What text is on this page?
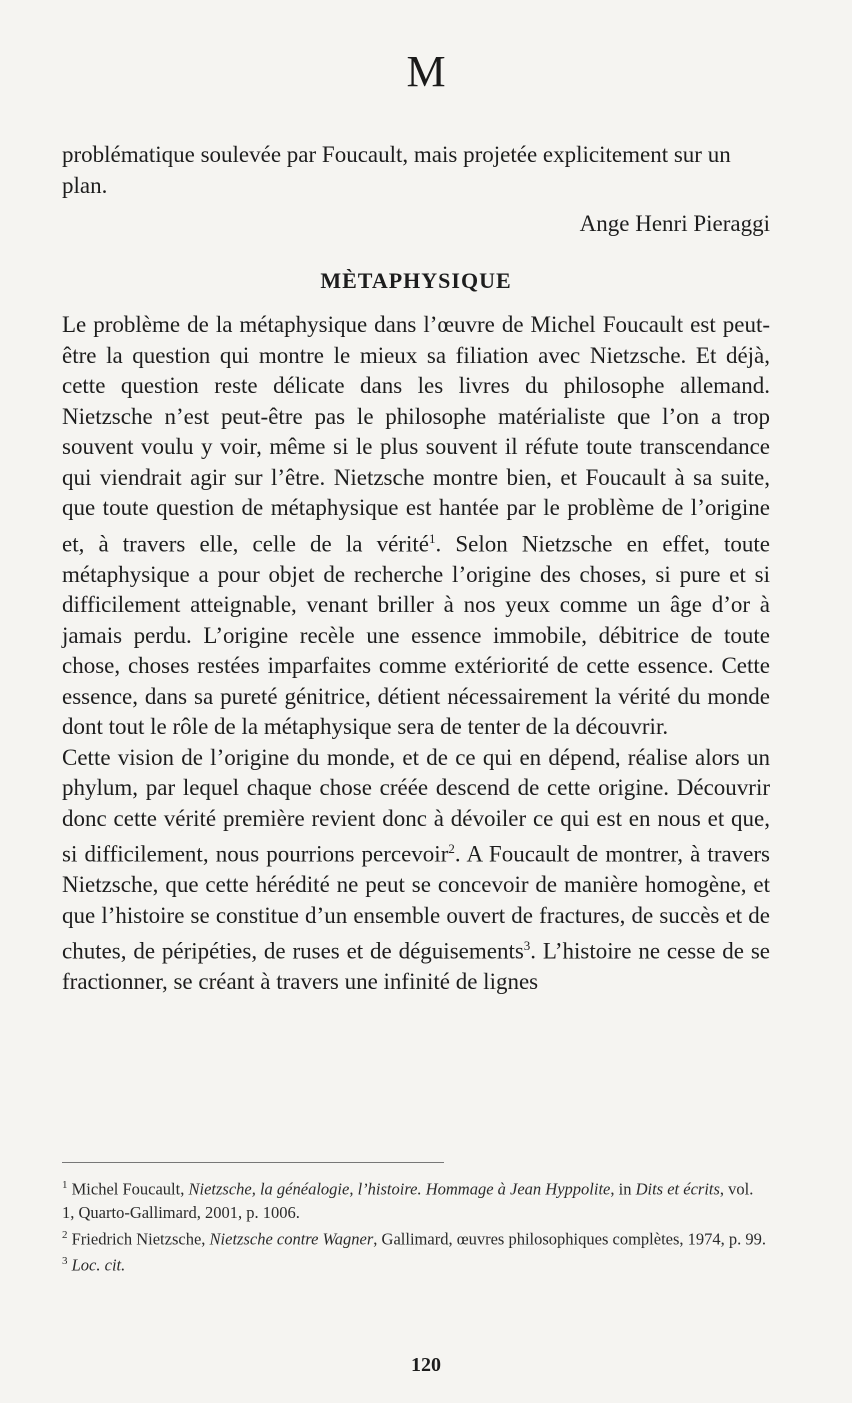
M

problématique soulevée par Foucault, mais projetée explicitement sur un plan.

Ange Henri Pieraggi

MÈTAPHYSIQUE

Le problème de la métaphysique dans l’œuvre de Michel Foucault est peut-être la question qui montre le mieux sa filiation avec Nietzsche. Et déjà, cette question reste délicate dans les livres du philosophe allemand. Nietzsche n’est peut-être pas le philosophe matérialiste que l’on a trop souvent voulu y voir, même si le plus souvent il réfute toute transcendance qui viendrait agir sur l’être. Nietzsche montre bien, et Foucault à sa suite, que toute question de métaphysique est hantée par le problème de l’origine et, à travers elle, celle de la vérité$^1$. Selon Nietzsche en effet, toute métaphysique a pour objet de recherche l’origine des choses, si pure et si difficilement atteignable, venant briller à nos yeux comme un âge d’or à jamais perdu. L’origine recèle une essence immobile, débitrice de toute chose, choses restées imparfaites comme extériorité de cette essence. Cette essence, dans sa pureté génitrice, détient nécessairement la vérité du monde dont tout le rôle de la métaphysique sera de tenter de la découvrir.

Cette vision de l’origine du monde, et de ce qui en dépend, réalise alors un phylum, par lequel chaque chose créée descend de cette origine. Découvrir donc cette vérité première revient donc à dévoiler ce qui est en nous et que, si difficilement, nous pourrions percevoir$^2$. A Foucault de montrer, à travers Nietzsche, que cette hérédité ne peut se concevoir de manière homogène, et que l’histoire se constitue d’un ensemble ouvert de fractures, de succès et de chutes, de péripéties, de ruses et de déguisements$^3$. L’histoire ne cesse de se fractionner, se créant à travers une infinité de lignes

$^1$ Michel Foucault, Nietzsche, la généalogie, l’histoire. Hommage à Jean Hyppolite, in Dits et écrits, vol. 1, Quarto-Gallimard, 2001, p. 1006.

$^2$ Friedrich Nietzsche, Nietzsche contre Wagner, Gallimard, œuvres philosophiques complètes, 1974, p. 99.

$^3$ Loc. cit.

120
